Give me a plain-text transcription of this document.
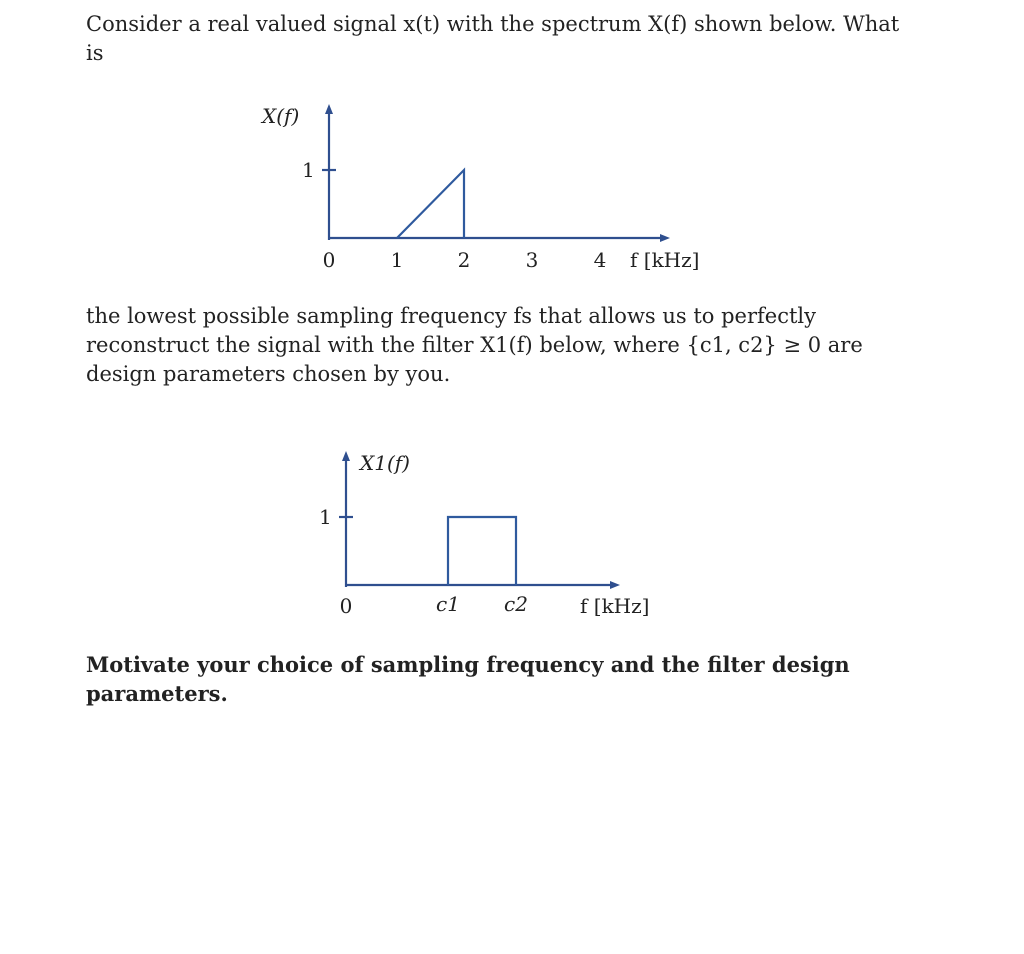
Consider a real valued signal x(t) with the spectrum X(f) shown below. What is

1
X(f)
0	1	2	3	4 f [kHz]

the lowest possible sampling frequency fs that allows us to perfectly reconstruct the signal with the filter X1(f) below, where {c1, c2} ≥ 0 are design parameters chosen by you.

1
X1(f)
0	c1 c2	f [kHz]

Motivate your choice of sampling frequency and the filter design parameters.
